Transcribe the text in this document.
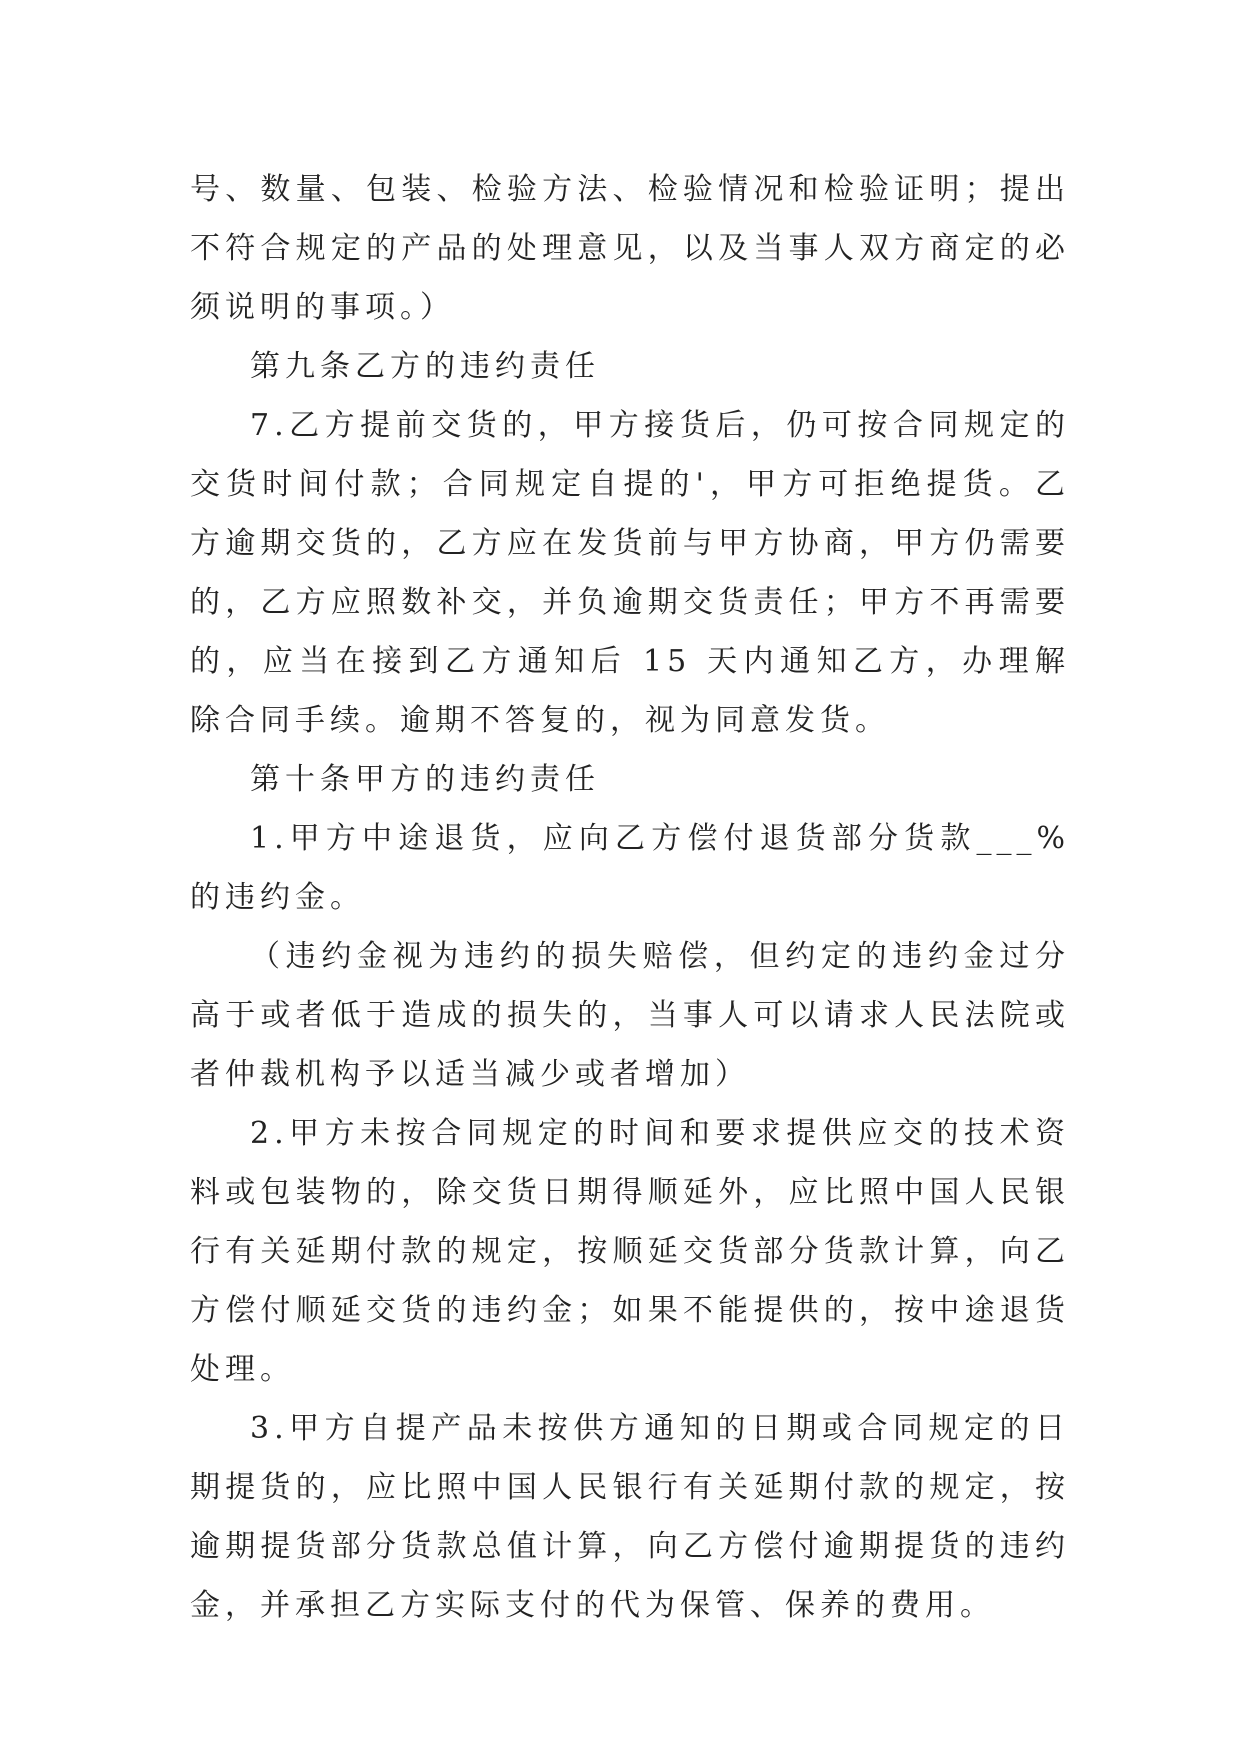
号、数量、包装、检验方法、检验情况和检验证明；提出不符合规定的产品的处理意见，以及当事人双方商定的必须说明的事项。）

第九条乙方的违约责任

7.乙方提前交货的，甲方接货后，仍可按合同规定的交货时间付款；合同规定自提的'，甲方可拒绝提货。乙方逾期交货的，乙方应在发货前与甲方协商，甲方仍需要的，乙方应照数补交，并负逾期交货责任；甲方不再需要的，应当在接到乙方通知后 15 天内通知乙方，办理解除合同手续。逾期不答复的，视为同意发货。

第十条甲方的违约责任

1.甲方中途退货，应向乙方偿付退货部分货款___%的违约金。

（违约金视为违约的损失赔偿，但约定的违约金过分高于或者低于造成的损失的，当事人可以请求人民法院或者仲裁机构予以适当减少或者增加）

2.甲方未按合同规定的时间和要求提供应交的技术资料或包装物的，除交货日期得顺延外，应比照中国人民银行有关延期付款的规定，按顺延交货部分货款计算，向乙方偿付顺延交货的违约金；如果不能提供的，按中途退货处理。

3.甲方自提产品未按供方通知的日期或合同规定的日期提货的，应比照中国人民银行有关延期付款的规定，按逾期提货部分货款总值计算，向乙方偿付逾期提货的违约金，并承担乙方实际支付的代为保管、保养的费用。
